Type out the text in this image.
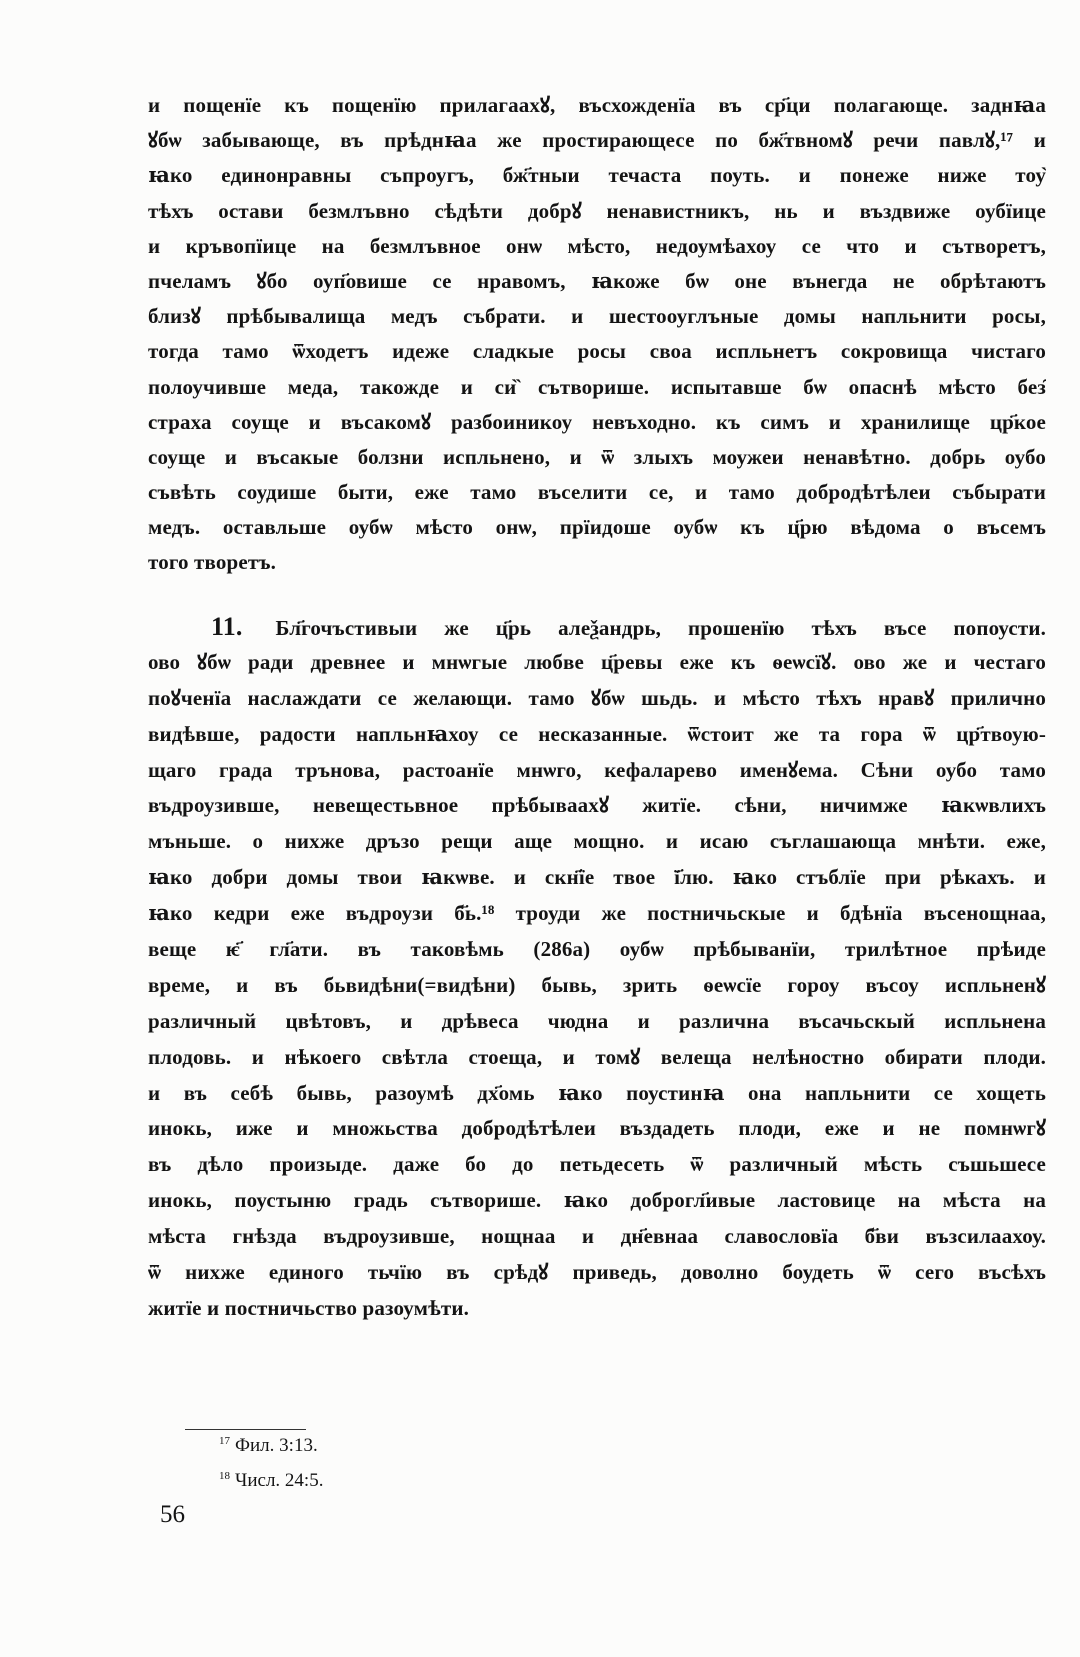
и пощенїе къ пощенїю прилагаахꙋ, въсхожденїа въ ср҃ци полагающе. заднꙗа
ꙋбѡ забывающе, въ прѣднꙗа же простирающесе по бж҃твномꙋ речи павлꙋ,¹⁷ и
ꙗко единонравны съпроугъ, бж҃тныи течаста поуть. и понеже ниже тоу̏
тѣхъ остави безмлъвно сѣдѣти добрꙋ ненавистникъ, нь и въздвиже оубїице
и кръвопїице на безмлъвное онѡ мѣсто, недоумѣахоу се что и сътворетъ,
пчеламъ ꙋбо оуп҃овише се нравомъ, ꙗкоже бѡ оне вънегда не обрѣтаютъ
близꙋ прѣбывалища медъ събрати. и шестооуглъные домы напльнити росы,
тогда тамо ѿходетъ идеже сладкые росы своа испльнетъ сокровища чистаго
полоучивше меда, такожде и си̏ сътворише. испытавше бѡ опаснѣ мѣсто без̑
страха соуще и въсакомꙋ разбоиникоу невъходно. къ симъ и хранилище цр҃кое
соуще и въсакые болзни испльнено, и ѿ злыхъ моужеи ненавѣтно. добрь оубо
съвѣть соудише быти, еже тамо въселити се, и тамо добродѣтѣлеи събырати
медъ. оставльше оубѡ мѣсто онѡ, прїидоше оубѡ къ ц҃рю вѣдома о въсемъ
того творетъ.
11. Бл҃гочъстивыи же ц҃рь алеѯандрь, прошенїю тѣхъ въсе попоусти.
ово ꙋбѡ ради древнее и мнѡгые любве ц҃ревы еже къ ѳеѡсїꙋ. ово же и честаго
поꙋченїа наслаждати се желающи. тамо ꙋбѡ шьдь. и мѣсто тѣхъ нравꙋ прилично
видѣвше, радости напльнꙗхоу се несказанные. ѿстоит же та гора ѿ цр҃твоую-
щаго града трънова, растоанїе мнѡго, кефаларево именꙋема. Сѣни оубо тамо
въдроузивше, невещестьвное прѣбываахꙋ житїе. сѣни, ничимже ꙗкѡвлихъ
мъньше. о нихже дръзо рещи аще мощно. и исаю съглашающа мнѣти. еже,
ꙗко добри домы твои ꙗкѡве. и скн҃їе твое ї҃лю. ꙗко стъблїе при рѣкахъ. и
ꙗко кедри еже въдроузи б҃ь.¹⁸ троуди же постничьскые и бдѣнїа въсенощнаа,
веще ѥ҃ гл҃ати. въ таковѣмь (286а) оубѡ прѣбыванїи, трилѣтное прѣиде
време, и въ бьвидѣни(=видѣни) бывь, зрить ѳеѡсїе гороу въсоу испльненꙋ
различный цвѣтовъ, и дрѣвеса чюдна и различна въсачьскый испльнена
плодовь. и нѣкоего свѣтла стоеща, и томꙋ велеща нелѣностно обирати плоди.
и въ себѣ бывь, разоумѣ дх҃омь ꙗко поустинꙗ она напльнити се хощеть
инокь, иже и множьства добродѣтѣлеи въздадеть плоди, еже и не помнѡгꙋ
въ дѣло произыде. даже бо до петьдесеть ѿ различный мѣсть съшьшесе
инокь, поустыню градь сътворише. ꙗко доброгл҃ивые ластовице на мѣста на
мѣста гнѣзда въдроузивше, нощнаа и дн҃евнаа славословїа б҃ви възсилаахоу.
ѿ нихже единого тьчїю въ срѣдꙋ приведь, доволно боудеть ѿ сего въсѣхъ
житїе и постничьство разоумѣти.
$^{17}$ Фил. 3:13.
$^{18}$ Числ. 24:5.
56
